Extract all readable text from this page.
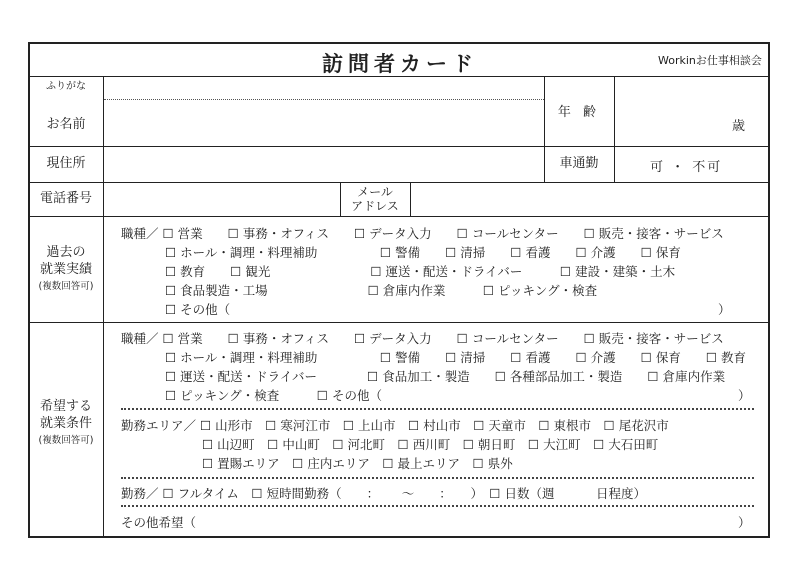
訪問者カード	Workinお仕事相談会
ふりがな
お名前
年 齢
歳
現住所	車通勤	可 ・ 不可
電話番号	メール
アドレス
過去の
就業実績
(複数回答可)
職種／ ☐ 営業　　☐ 事務・オフィス　　☐ データ入力　　☐ コールセンター　　☐ 販売・接客・サービス
☐ ホール・調理・料理補助　　　　　☐ 警備　　☐ 清掃　　☐ 看護　　☐ 介護　　☐ 保育
☐ 教育　　☐ 観光　　　　　　　　☐ 運送・配送・ドライバー　　　☐ 建設・建築・土木
☐ 食品製造・工場　　　　　　　　☐ 倉庫内作業　　　☐ ピッキング・検査
☐ その他（	）
希望する
就業条件
(複数回答可)
職種／ ☐ 営業　　☐ 事務・オフィス　　☐ データ入力　　☐ コールセンター　　☐ 販売・接客・サービス
☐ ホール・調理・料理補助　　　　　☐ 警備　　☐ 清掃　　☐ 看護　　☐ 介護　　☐ 保育　　☐ 教育
☐ 運送・配送・ドライバー　　　　☐ 食品加工・製造　　☐ 各種部品加工・製造　　☐ 倉庫内作業
☐ ピッキング・検査　　　☐ その他（	）
勤務エリア／ ☐ 山形市　☐ 寒河江市　☐ 上山市　☐ 村山市　☐ 天童市　☐ 東根市　☐ 尾花沢市
☐ 山辺町　☐ 中山町　☐ 河北町　☐ 西川町　☐ 朝日町　☐ 大江町　☐ 大石田町
☐ 置賜エリア　☐ 庄内エリア　☐ 最上エリア　☐ 県外
勤務／ ☐ フルタイム　☐ 短時間勤務（　　：　　 ～　　：　　）　☐ 日数（週　　　 日程度）
その他希望（	）
